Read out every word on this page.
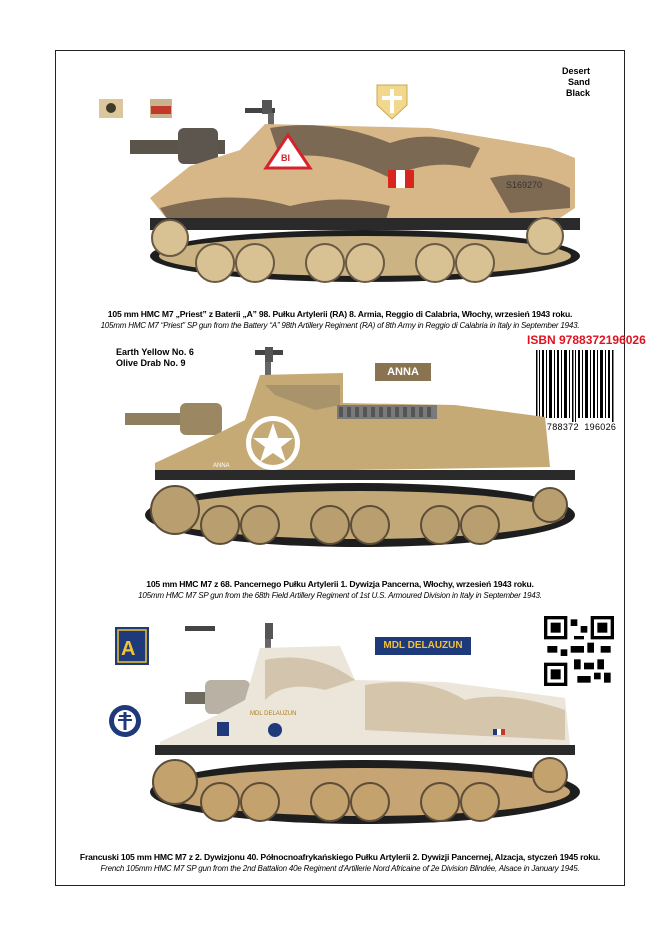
Desert Sand
Black
Earth Yellow No. 6
Olive Drab No. 9
BI
S169270
105 mm HMC M7 „Priest” z Baterii „A” 98. Pułku Artylerii (RA) 8. Armia, Reggio di Calabria, Włochy, wrzesień 1943 roku.
105mm HMC M7 “Priest” SP gun from the Battery “A” 98th Artillery Regiment (RA) of 8th Army in Reggio di Calabria in Italy in September 1943.
ISBN 9788372196026
788372 196026
ANNA
ANNA
105 mm HMC M7 z 68. Pancernego Pułku Artylerii 1. Dywizja Pancerna, Włochy, wrzesień 1943 roku.
105mm HMC M7 SP gun from the 68th Field Artillery Regiment of 1st U.S. Armoured Division in Italy in September 1943.
A	MDL DELAUZUN
MDL DELAUZUN
Francuski 105 mm HMC M7 z 2. Dywizjonu 40. Północnoafrykańskiego Pułku Artylerii 2. Dywizji Pancernej, Alzacja, styczeń 1945 roku.
French 105mm HMC M7 SP gun from the 2nd Battalion 40e Regiment d'Artillerie Nord Africaine of 2e Division Blindée, Alsace in January 1945.
